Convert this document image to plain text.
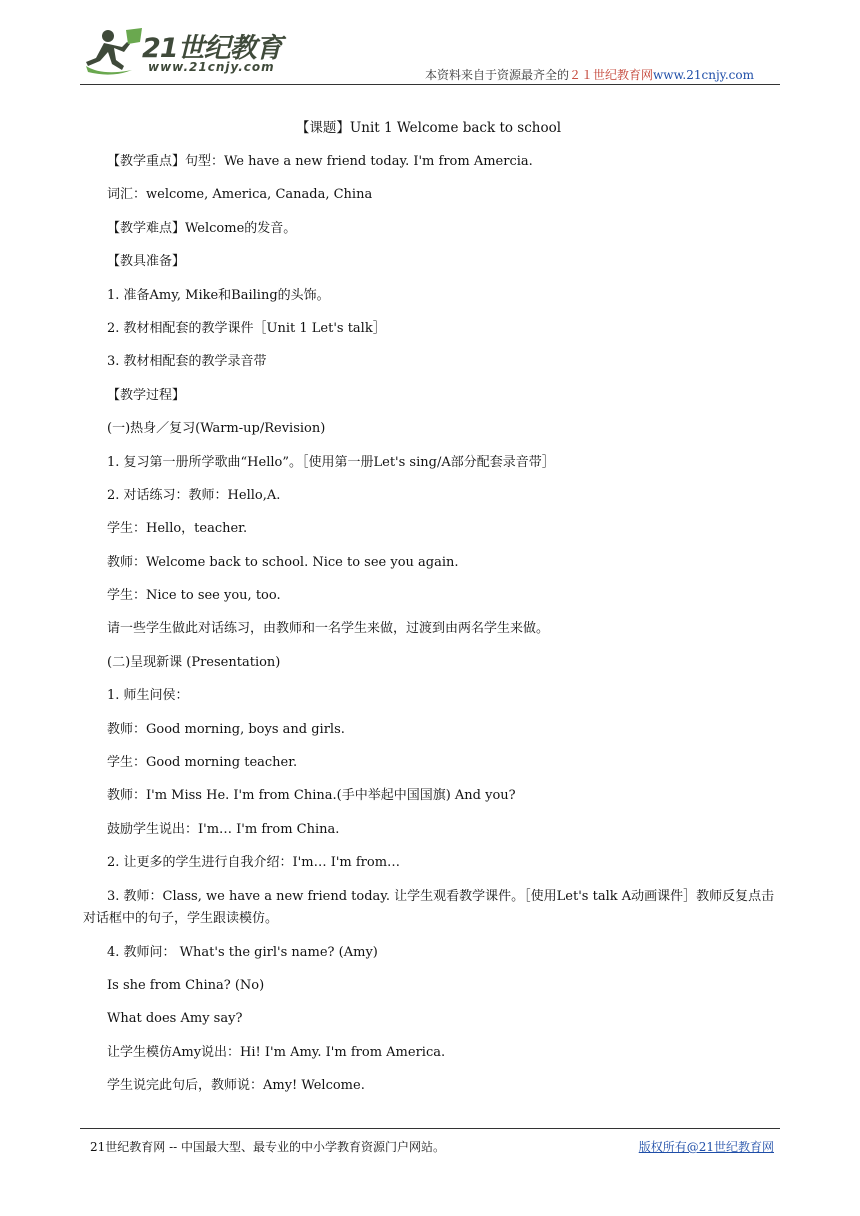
21世纪教育
www.21cnjy.com
本资料来自于资源最齐全的２１世纪教育网www.21cnjy.com
【课题】Unit 1 Welcome back to school
【教学重点】句型：We have a new friend today. I'm from Amercia.
词汇：welcome, America, Canada, China
【教学难点】Welcome的发音。
【教具准备】
1. 准备Amy, Mike和Bailing的头饰。
2. 教材相配套的教学课件［Unit 1 Let's talk］
3. 教材相配套的教学录音带
【教学过程】
(一)热身／复习(Warm-up/Revision)
1. 复习第一册所学歌曲“Hello”。［使用第一册Let's sing/A部分配套录音带］
2. 对话练习：教师：Hello,A.
学生：Hello，teacher.
教师：Welcome back to school. Nice to see you again.
学生：Nice to see you, too.
请一些学生做此对话练习，由教师和一名学生来做，过渡到由两名学生来做。
(二)呈现新课 (Presentation)
1. 师生问侯：
教师：Good morning, boys and girls.
学生：Good morning teacher.
教师：I'm Miss He. I'm from China.(手中举起中国国旗) And you?
鼓励学生说出：I'm… I'm from China.
2. 让更多的学生进行自我介绍：I'm… I'm from…
3. 教师：Class, we have a new friend today. 让学生观看教学课件。［使用Let's talk A动画课件］教师反复点击对话框中的句子，学生跟读模仿。
4. 教师问： What's the girl's name? (Amy)
Is she from China? (No)
What does Amy say?
让学生模仿Amy说出：Hi! I'm Amy. I'm from America.
学生说完此句后，教师说：Amy! Welcome.
21世纪教育网 -- 中国最大型、最专业的中小学教育资源门户网站。	版权所有@21世纪教育网
